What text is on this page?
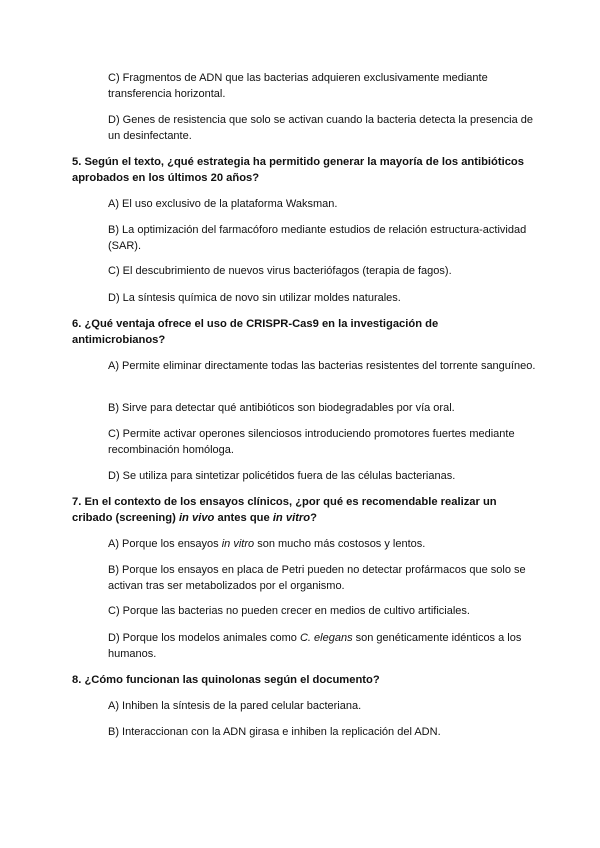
C) Fragmentos de ADN que las bacterias adquieren exclusivamente mediante transferencia horizontal.
D) Genes de resistencia que solo se activan cuando la bacteria detecta la presencia de un desinfectante.
5. Según el texto, ¿qué estrategia ha permitido generar la mayoría de los antibióticos aprobados en los últimos 20 años?
A) El uso exclusivo de la plataforma Waksman.
B) La optimización del farmacóforo mediante estudios de relación estructura-actividad (SAR).
C) El descubrimiento de nuevos virus bacteriófagos (terapia de fagos).
D) La síntesis química de novo sin utilizar moldes naturales.
6. ¿Qué ventaja ofrece el uso de CRISPR-Cas9 en la investigación de antimicrobianos?
A) Permite eliminar directamente todas las bacterias resistentes del torrente sanguíneo.
B) Sirve para detectar qué antibióticos son biodegradables por vía oral.
C) Permite activar operones silenciosos introduciendo promotores fuertes mediante recombinación homóloga.
D) Se utiliza para sintetizar policétidos fuera de las células bacterianas.
7. En el contexto de los ensayos clínicos, ¿por qué es recomendable realizar un cribado (screening) in vivo antes que in vitro?
A) Porque los ensayos in vitro son mucho más costosos y lentos.
B) Porque los ensayos en placa de Petri pueden no detectar profármacos que solo se activan tras ser metabolizados por el organismo.
C) Porque las bacterias no pueden crecer en medios de cultivo artificiales.
D) Porque los modelos animales como C. elegans son genéticamente idénticos a los humanos.
8. ¿Cómo funcionan las quinolonas según el documento?
A) Inhiben la síntesis de la pared celular bacteriana.
B) Interaccionan con la ADN girasa e inhiben la replicación del ADN.
